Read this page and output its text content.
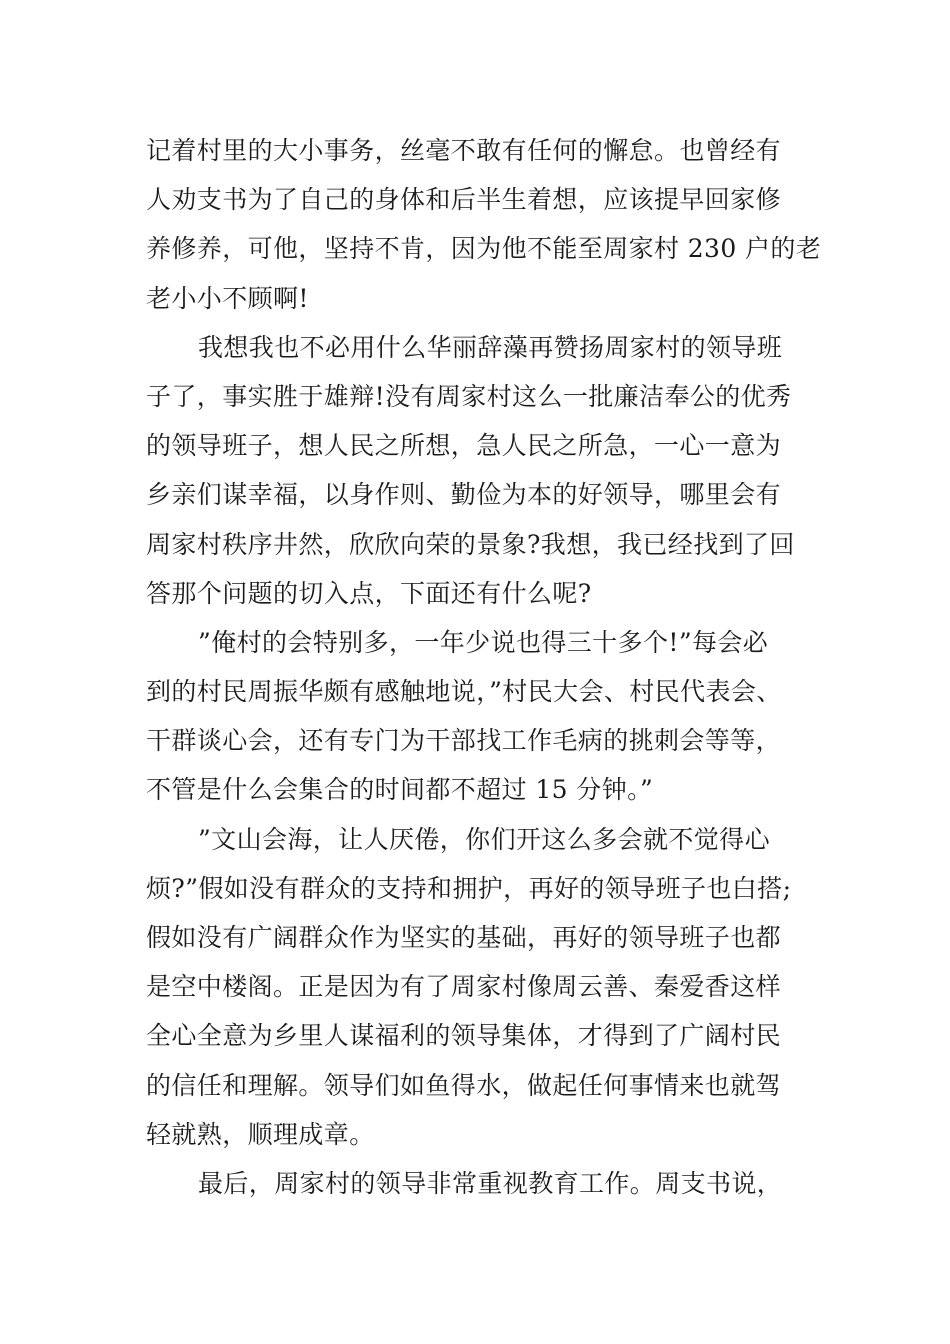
记着村里的大小事务，丝毫不敢有任何的懈怠。也曾经有
人劝支书为了自己的身体和后半生着想，应该提早回家修
养修养，可他，坚持不肯，因为他不能至周家村 230 户的老
老小小不顾啊!
我想我也不必用什么华丽辞藻再赞扬周家村的领导班
子了，事实胜于雄辩!没有周家村这么一批廉洁奉公的优秀
的领导班子，想人民之所想，急人民之所急，一心一意为
乡亲们谋幸福，以身作则、勤俭为本的好领导，哪里会有
周家村秩序井然，欣欣向荣的景象?我想，我已经找到了回
答那个问题的切入点，下面还有什么呢?
”俺村的会特别多，一年少说也得三十多个!”每会必
到的村民周振华颇有感触地说，”村民大会、村民代表会、
干群谈心会，还有专门为干部找工作毛病的挑刺会等等，
不管是什么会集合的时间都不超过 15 分钟。”
”文山会海，让人厌倦，你们开这么多会就不觉得心
烦?”假如没有群众的支持和拥护，再好的领导班子也白搭;
假如没有广阔群众作为坚实的基础，再好的领导班子也都
是空中楼阁。正是因为有了周家村像周云善、秦爱香这样
全心全意为乡里人谋福利的领导集体，才得到了广阔村民
的信任和理解。领导们如鱼得水，做起任何事情来也就驾
轻就熟，顺理成章。
最后，周家村的领导非常重视教育工作。周支书说，
